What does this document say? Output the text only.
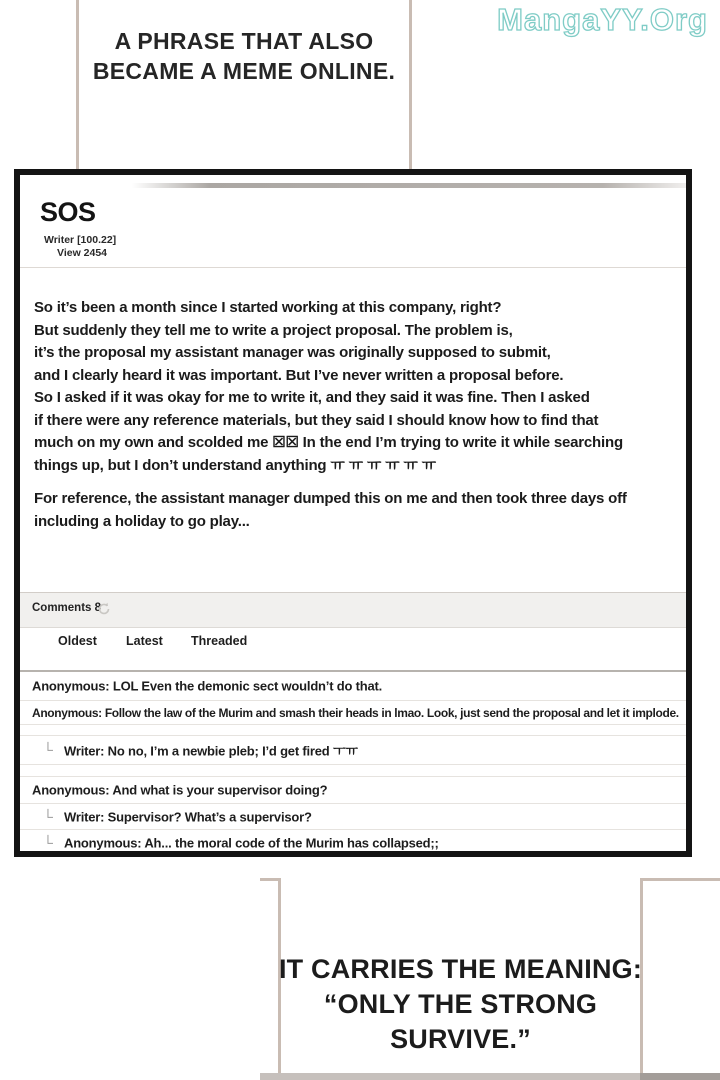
A PHRASE THAT ALSO
BECAME A MEME ONLINE.
MangaYY.Org
SOS
Writer [100.22]
View 2454
So it’s been a month since I started working at this company, right?
But suddenly they tell me to write a project proposal. The problem is,
it’s the proposal my assistant manager was originally supposed to submit,
and I clearly heard it was important. But I’ve never written a proposal before.
So I asked if it was okay for me to write it, and they said it was fine. Then I asked
if there were any reference materials, but they said I should know how to find that
much on my own and scolded me ☒☒ In the end I’m trying to write it while searching
things up, but I don’t understand anything ㅠ ㅠ ㅠ ㅠ ㅠ ㅠ
For reference, the assistant manager dumped this on me and then took three days off
including a holiday to go play...
Comments 8
Oldest Latest Threaded
Anonymous: LOL Even the demonic sect wouldn’t do that.
Anonymous: Follow the law of the Murim and smash their heads in lmao. Look, just send the proposal and let it implode.
└ Writer: No no, I’m a newbie pleb; I’d get fired ㅜㅠ
Anonymous: And what is your supervisor doing?
└ Writer: Supervisor? What’s a supervisor?
└ Anonymous: Ah... the moral code of the Murim has collapsed;;
IT CARRIES THE MEANING:
“ONLY THE STRONG
SURVIVE.”
